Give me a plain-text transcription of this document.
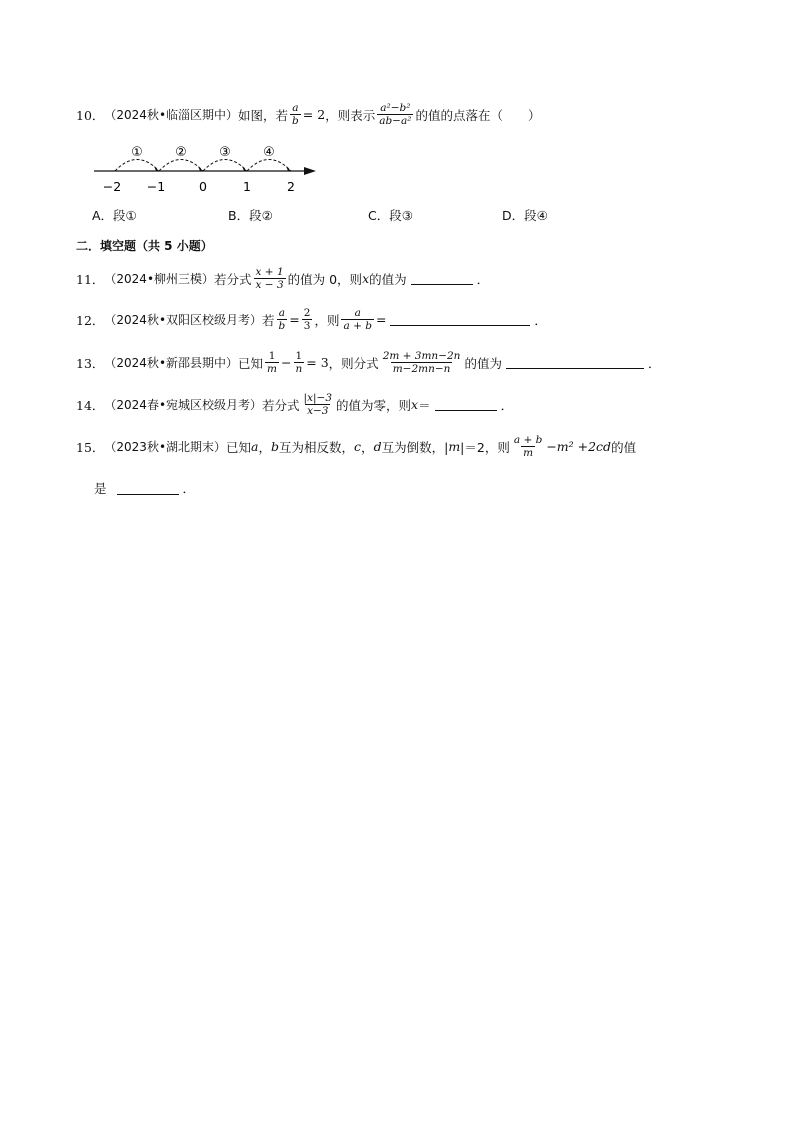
10． （2024秋•临淄区期中） 如图，若 $\frac{a}{b} = 2$ ，则表示 $\frac{\text{a²−b²}}{\text{ab−a²}}$ 的值的点落在（　　）
① ② ③ ④
−2 −1	0	1	2
A．段①	B．段②	C．段③	D．段④
二．填空题（共 5 小题）
11． （2024•柳州三模） 若分式 $\frac{x + 1}{x - 3}$ 的值为 0，则 x 的值为	．
12． （2024秋•双阳区校级月考） 若 $\frac{a}{b} = \frac{2}{3}$ ，则 $\frac{a}{a + b}$ =	．
13． （2024秋•新邵县期中） 已知 $\frac{1}{m} - \frac{1}{n} = 3$ ，则分式 $\frac{2m + 3mn-2n}{m-2mn-n}$ 的值为	．
14． （2024春•宛城区校级月考） 若分式 $\frac{|x|-3}{x-3}$ 的值为零，则 x ＝	．
15． （2023秋•湖北期末） 已知 a ， b 互为相反数， c ， d 互为倒数，| m |＝2，则 $\frac{a + b}{m} -m^2 +2cd$ 的值
是	．
